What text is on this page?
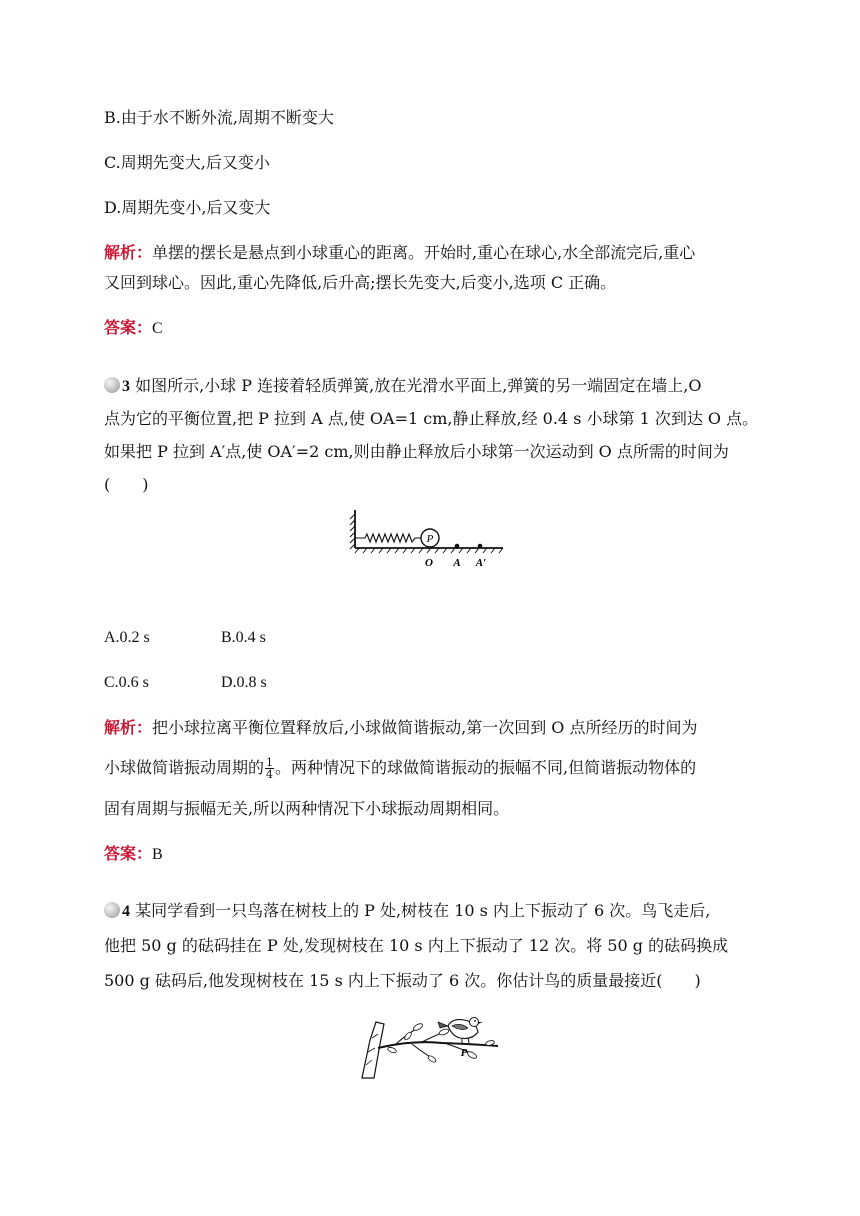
B.由于水不断外流,周期不断变大
C.周期先变大,后又变小
D.周期先变小,后又变大
解析：单摆的摆长是悬点到小球重心的距离。开始时,重心在球心,水全部流完后,重心
又回到球心。因此,重心先降低,后升高;摆长先变大,后变小,选项 C 正确。
答案：C
3 如图所示,小球 P 连接着轻质弹簧,放在光滑水平面上,弹簧的另一端固定在墙上,O
点为它的平衡位置,把 P 拉到 A 点,使 OA=1 cm,静止释放,经 0.4 s 小球第 1 次到达 O 点。
如果把 P 拉到 A′点,使 OA′=2 cm,则由静止释放后小球第一次运动到 O 点所需的时间为
(　　)
P
O A A′
A.0.2 s	B.0.4 s
C.0.6 s	D.0.8 s
解析：把小球拉离平衡位置释放后,小球做简谐振动,第一次回到 O 点所经历的时间为
小球做简谐振动周期的 $\frac{1}{4}$ 。两种情况下的球做简谐振动的振幅不同,但简谐振动物体的
固有周期与振幅无关,所以两种情况下小球振动周期相同。
答案：B
4 某同学看到一只鸟落在树枝上的 P 处,树枝在 10 s 内上下振动了 6 次。鸟飞走后,
他把 50 g 的砝码挂在 P 处,发现树枝在 10 s 内上下振动了 12 次。将 50 g 的砝码换成
500 g 砝码后,他发现树枝在 15 s 内上下振动了 6 次。你估计鸟的质量最接近(　　)
P
